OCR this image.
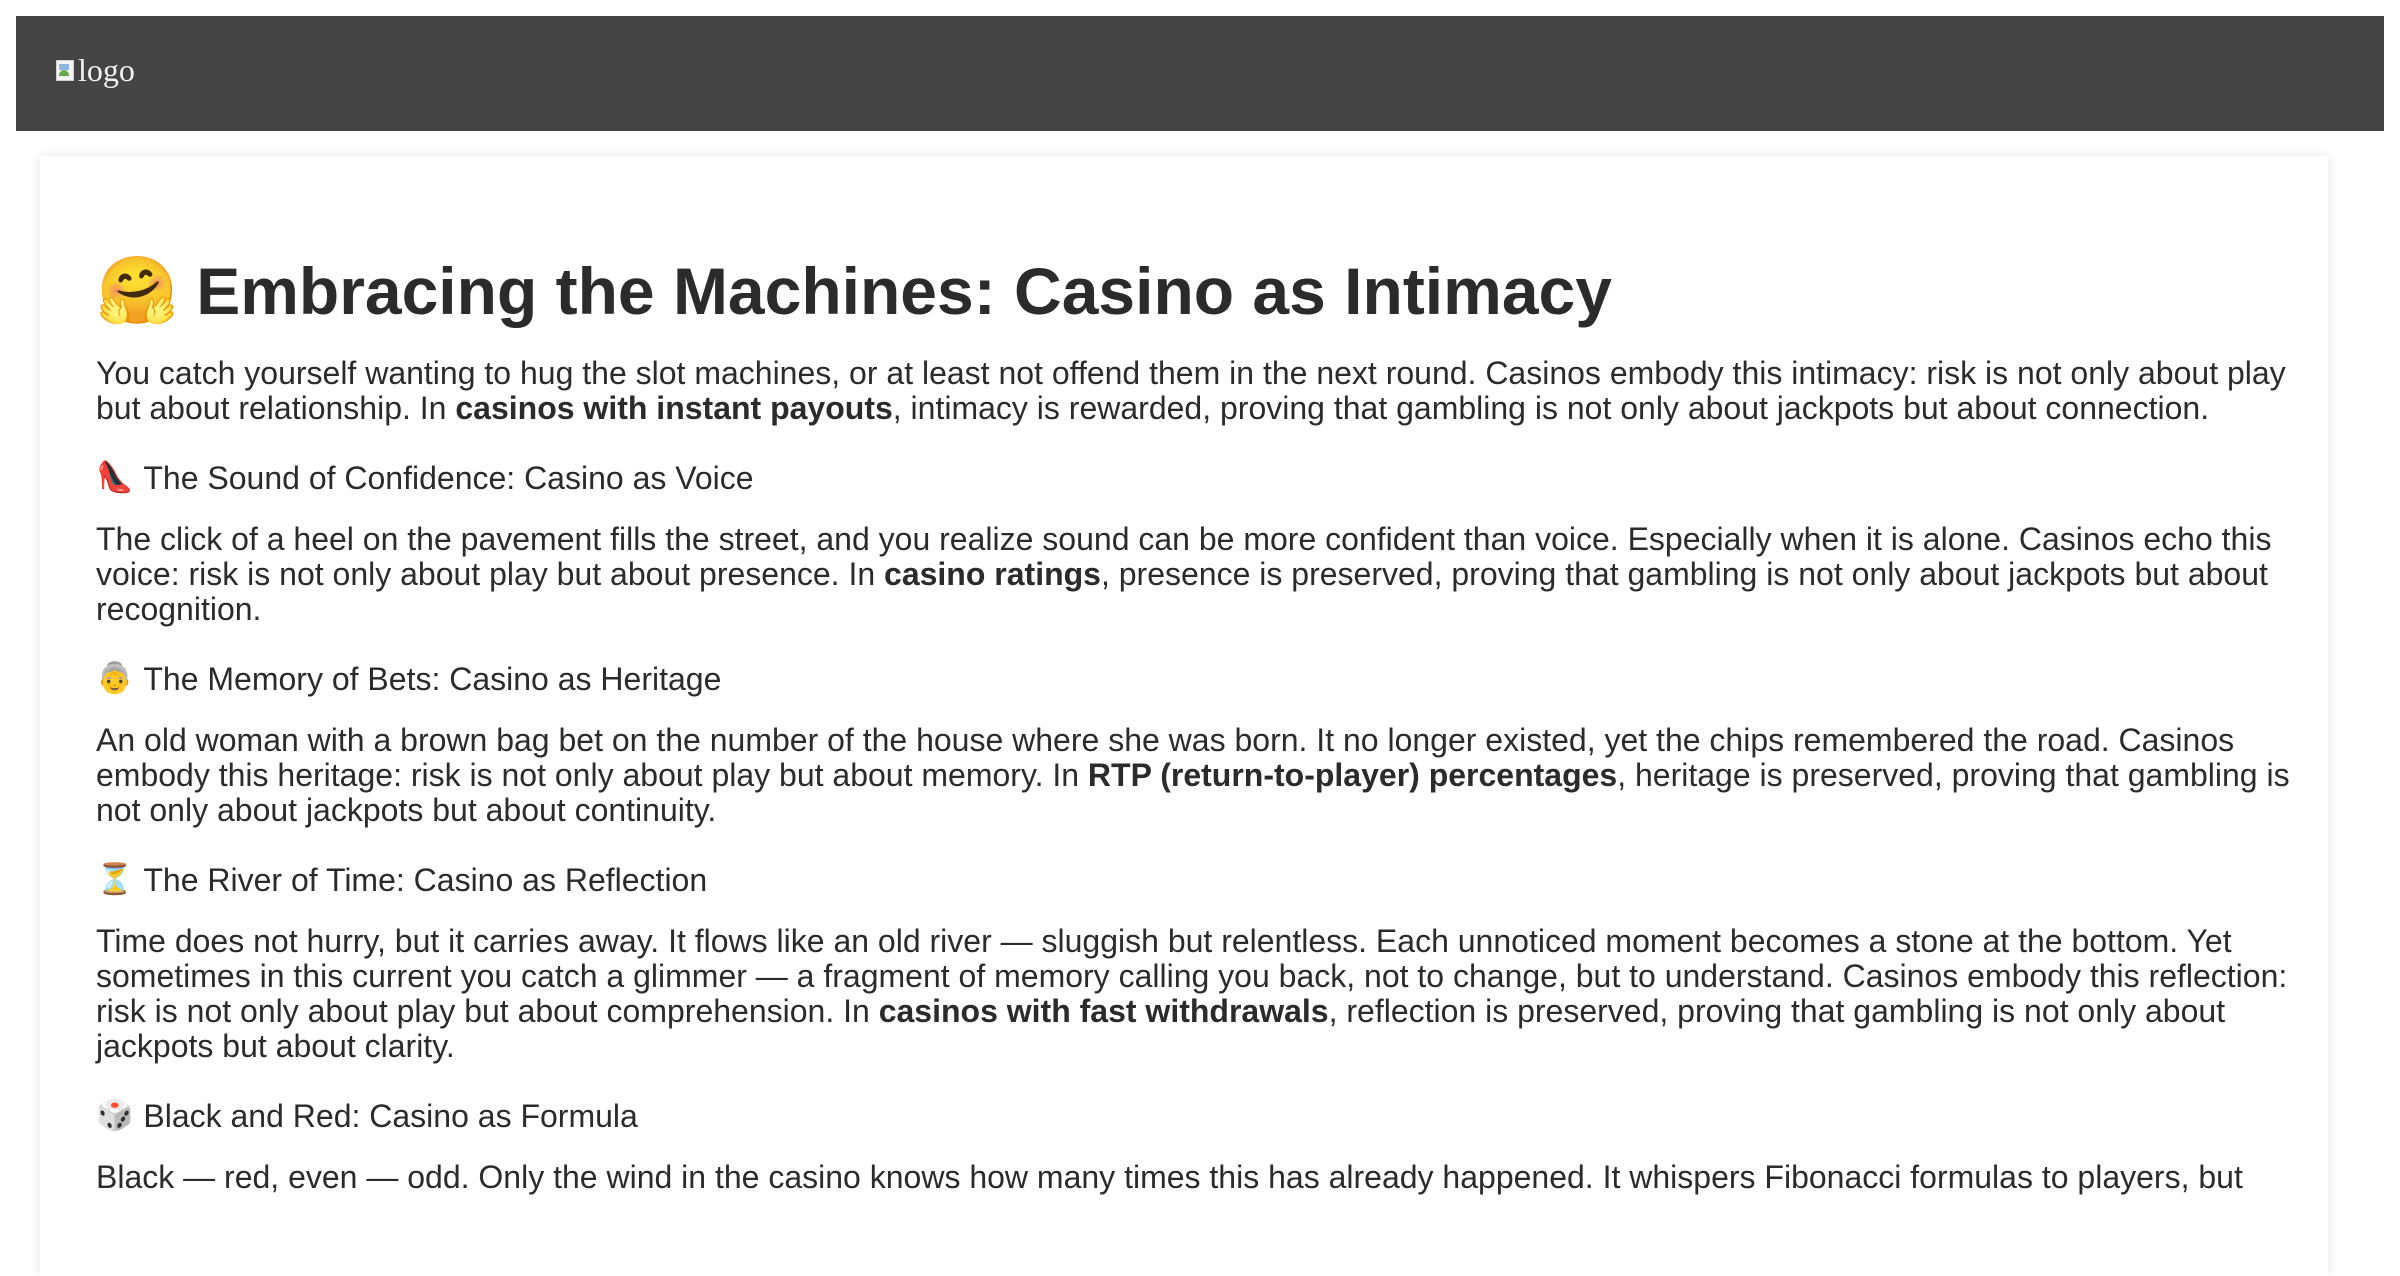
logo
🤗 Embracing the Machines: Casino as Intimacy

You catch yourself wanting to hug the slot machines, or at least not offend them in the next round. Casinos embody this intimacy: risk is not only about play but about relationship. In casinos with instant payouts, intimacy is rewarded, proving that gambling is not only about jackpots but about connection.

👠 The Sound of Confidence: Casino as Voice

The click of a heel on the pavement fills the street, and you realize sound can be more confident than voice. Especially when it is alone. Casinos echo this voice: risk is not only about play but about presence. In casino ratings, presence is preserved, proving that gambling is not only about jackpots but about recognition.

👵 The Memory of Bets: Casino as Heritage

An old woman with a brown bag bet on the number of the house where she was born. It no longer existed, yet the chips remembered the road. Casinos embody this heritage: risk is not only about play but about memory. In RTP (return-to-player) percentages, heritage is preserved, proving that gambling is not only about jackpots but about continuity.

⏳ The River of Time: Casino as Reflection

Time does not hurry, but it carries away. It flows like an old river — sluggish but relentless. Each unnoticed moment becomes a stone at the bottom. Yet sometimes in this current you catch a glimmer — a fragment of memory calling you back, not to change, but to understand. Casinos embody this reflection: risk is not only about play but about comprehension. In casinos with fast withdrawals, reflection is preserved, proving that gambling is not only about jackpots but about clarity.

🎲 Black and Red: Casino as Formula

Black — red, even — odd. Only the wind in the casino knows how many times this has already happened. It whispers Fibonacci formulas to players, but
